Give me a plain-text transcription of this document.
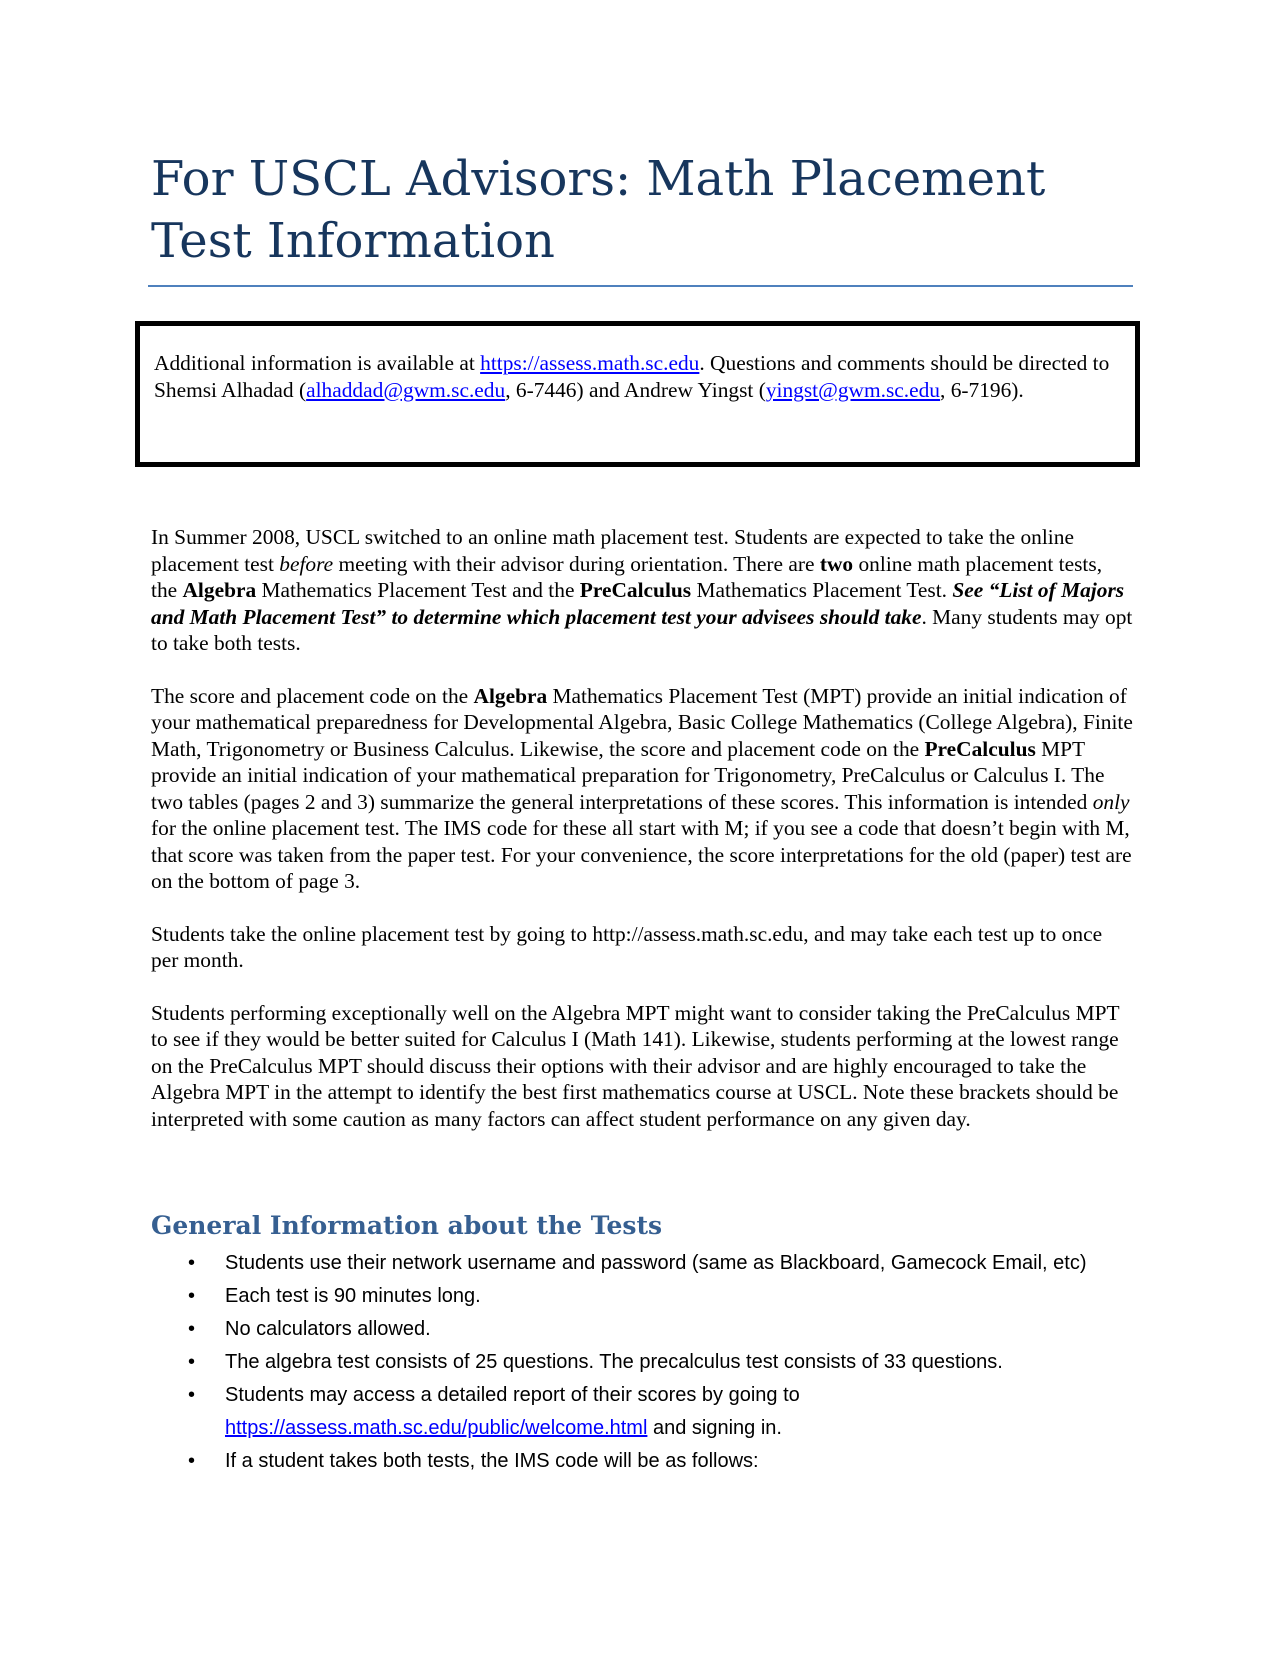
For USCL Advisors: Math Placement Test Information
Additional information is available at https://assess.math.sc.edu. Questions and comments should be directed to Shemsi Alhadad (alhaddad@gwm.sc.edu, 6-7446) and Andrew Yingst (yingst@gwm.sc.edu, 6-7196).

In Summer 2008, USCL switched to an online math placement test. Students are expected to take the online placement test before meeting with their advisor during orientation. There are two online math placement tests, the Algebra Mathematics Placement Test and the PreCalculus Mathematics Placement Test. See “List of Majors and Math Placement Test” to determine which placement test your advisees should take. Many students may opt to take both tests.

The score and placement code on the Algebra Mathematics Placement Test (MPT) provide an initial indication of your mathematical preparedness for Developmental Algebra, Basic College Mathematics (College Algebra), Finite Math, Trigonometry or Business Calculus. Likewise, the score and placement code on the PreCalculus MPT provide an initial indication of your mathematical preparation for Trigonometry, PreCalculus or Calculus I. The two tables (pages 2 and 3) summarize the general interpretations of these scores. This information is intended only for the online placement test. The IMS code for these all start with M; if you see a code that doesn’t begin with M, that score was taken from the paper test. For your convenience, the score interpretations for the old (paper) test are on the bottom of page 3.

Students take the online placement test by going to http://assess.math.sc.edu, and may take each test up to once per month.

Students performing exceptionally well on the Algebra MPT might want to consider taking the PreCalculus MPT to see if they would be better suited for Calculus I (Math 141). Likewise, students performing at the lowest range on the PreCalculus MPT should discuss their options with their advisor and are highly encouraged to take the Algebra MPT in the attempt to identify the best first mathematics course at USCL. Note these brackets should be interpreted with some caution as many factors can affect student performance on any given day.

General Information about the Tests
• Students use their network username and password (same as Blackboard, Gamecock Email, etc)
• Each test is 90 minutes long.
• No calculators allowed.
• The algebra test consists of 25 questions. The precalculus test consists of 33 questions.
• Students may access a detailed report of their scores by going to https://assess.math.sc.edu/public/welcome.html and signing in.
• If a student takes both tests, the IMS code will be as follows:
